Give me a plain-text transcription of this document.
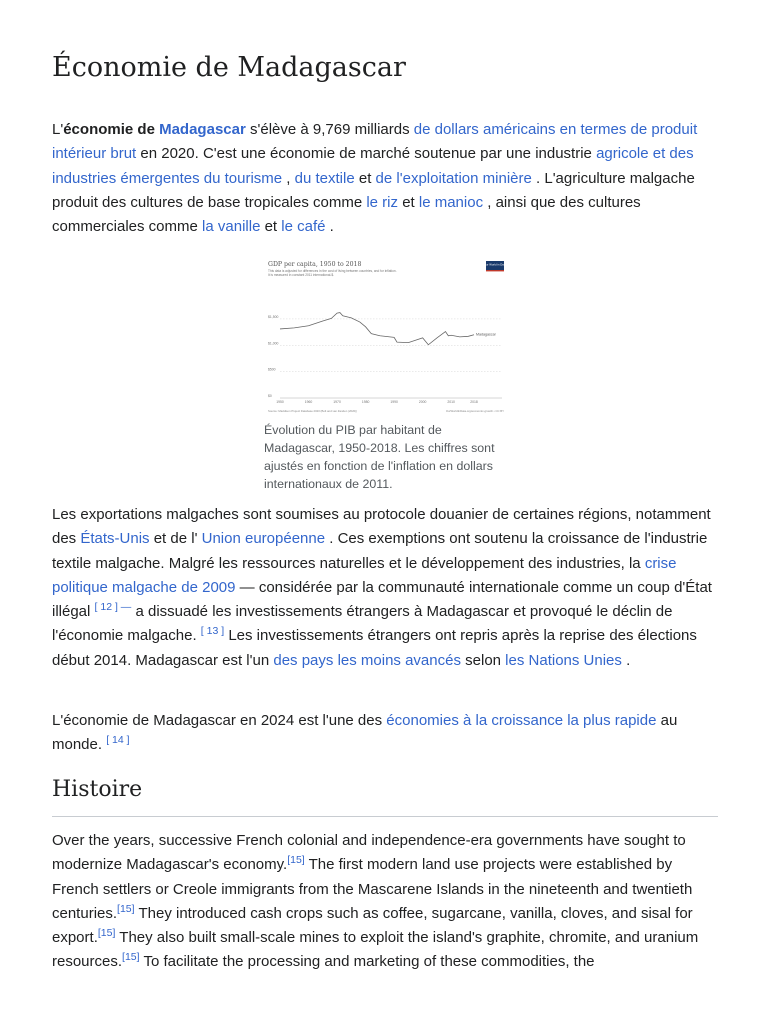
Économie de Madagascar

L'économie de Madagascar s'élève à 9,769 milliards de dollars américains en termes de produit intérieur brut en 2020. C'est une économie de marché soutenue par une industrie agricole et des industries émergentes du tourisme , du textile et de l'exploitation minière . L'agriculture malgache produit des cultures de base tropicales comme le riz et le manioc , ainsi que des cultures commerciales comme la vanille et le café .

GDP per capita, 1950 to 2018
This data is adjusted for differences in the cost of living between countries, and for inflation. It is measured in constant 2011 international-$.
Our World in Data
$0
$500
$1,000
$1,500
1950	1960	1970	1980	1990	2000	2010	2018
Madagascar
Source: Maddison Project Database 2020 (Bolt and van Zanden (2020))	OurWorldInData.org/economic-growth • CC BY
Évolution du PIB par habitant de Madagascar, 1950-2018. Les chiffres sont ajustés en fonction de l'inflation en dollars internationaux de 2011.

Les exportations malgaches sont soumises au protocole douanier de certaines régions, notamment des États-Unis et de l' Union européenne . Ces exemptions ont soutenu la croissance de l'industrie textile malgache. Malgré les ressources naturelles et le développement des industries, la crise politique malgache de 2009 — considérée par la communauté internationale comme un coup d'État illégal $^{[ 12 ] —}$ a dissuadé les investissements étrangers à Madagascar et provoqué le déclin de l'économie malgache. [ 13 ] Les investissements étrangers ont repris après la reprise des élections début 2014. Madagascar est l'un des pays les moins avancés selon les Nations Unies .

L'économie de Madagascar en 2024 est l'une des économies à la croissance la plus rapide au monde. [ 14 ]

Histoire

Over the years, successive French colonial and independence-era governments have sought to modernize Madagascar's economy.[15] The first modern land use projects were established by French settlers or Creole immigrants from the Mascarene Islands in the nineteenth and twentieth centuries.[15] They introduced cash crops such as coffee, sugarcane, vanilla, cloves, and sisal for export.[15] They also built small-scale mines to exploit the island's graphite, chromite, and uranium resources.[15] To facilitate the processing and marketing of these commodities, the
